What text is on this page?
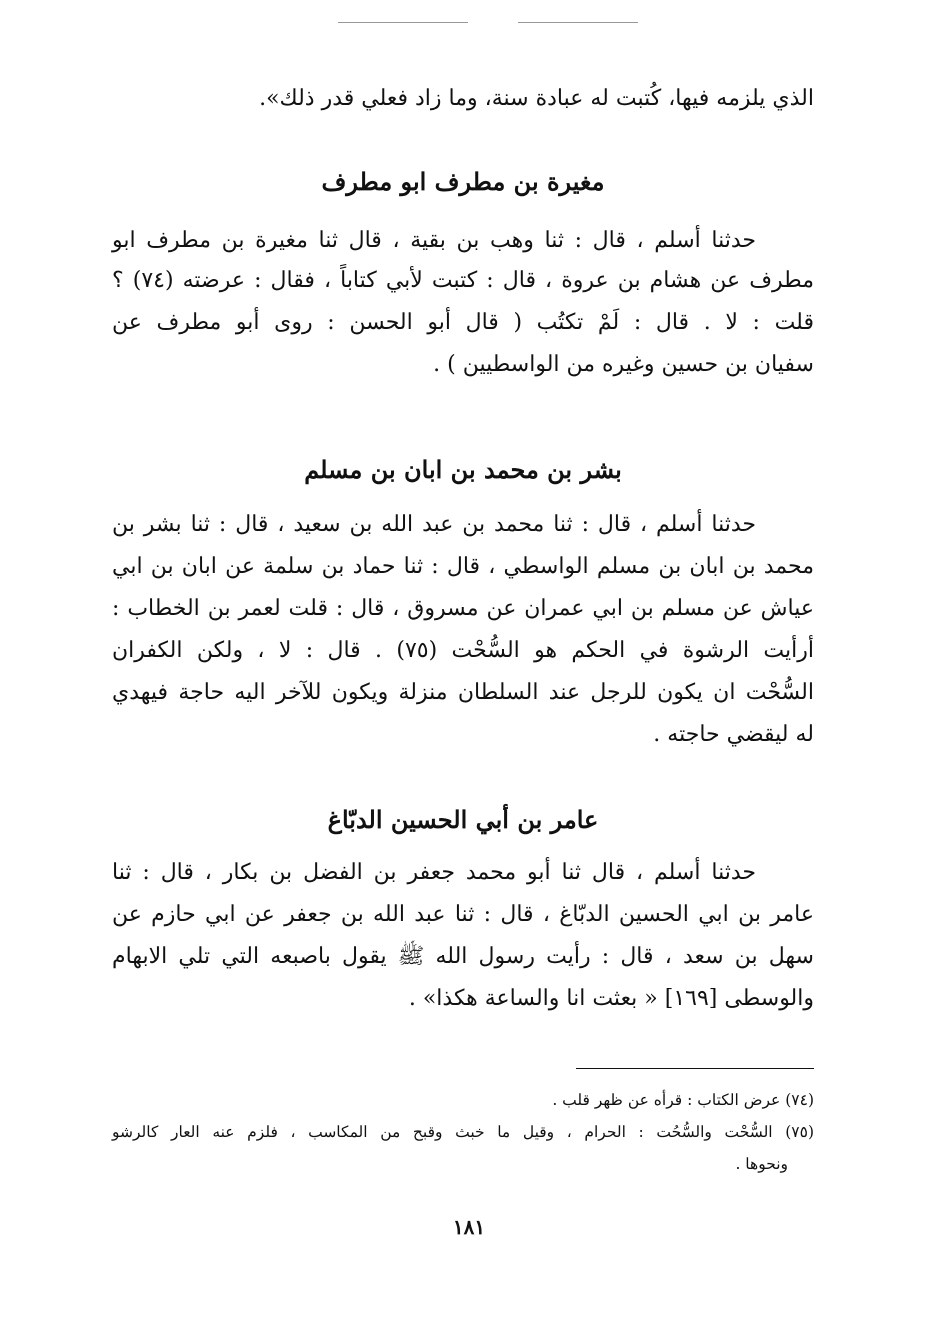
الذي يلزمه فيها، كُتبت له عبادة سنة، وما زاد فعلي قدر ذلك».
مغيرة بن مطرف ابو مطرف
حدثنا أسلم ، قال : ثنا وهب بن بقية ، قال ثنا مغيرة بن مطرف ابو
مطرف عن هشام بن عروة ، قال : كتبت لأبي كتاباً ، فقال : عرضته (٧٤) ؟
قلت : لا . قال : لَمْ تكتُب ( قال أبو الحسن : روى أبو مطرف عن
سفيان بن حسين وغيره من الواسطيين ) .
بشر بن محمد بن ابان بن مسلم
حدثنا أسلم ، قال : ثنا محمد بن عبد الله بن سعيد ، قال : ثنا بشر بن
محمد بن ابان بن مسلم الواسطي ، قال : ثنا حماد بن سلمة عن ابان بن ابي
عياش عن مسلم بن ابي عمران عن مسروق ، قال : قلت لعمر بن الخطاب :
أرأيت الرشوة في الحكم هو السُّحْت (٧٥) . قال : لا ، ولكن الكفران
السُّحْت ان يكون للرجل عند السلطان منزلة ويكون للآخر اليه حاجة فيهدي
له ليقضي حاجته .
عامر بن أبي الحسين الدبّاغ
حدثنا أسلم ، قال ثنا أبو محمد جعفر بن الفضل بن بكار ، قال : ثنا
عامر بن ابي الحسين الدبّاغ ، قال : ثنا عبد الله بن جعفر عن ابي حازم عن
سهل بن سعد ، قال : رأيت رسول الله ﷺ يقول باصبعه التي تلي الابهام
والوسطى [١٦٩] « بعثت انا والساعة هكذا» .
(٧٤) عرض الكتاب : قرأه عن ظهر قلب .
(٧٥) السُّحْت والسُّحُت : الحرام ، وقيل ما خبث وقبح من المكاسب ، فلزم عنه العار كالرشو
ونحوها .
١٨١
